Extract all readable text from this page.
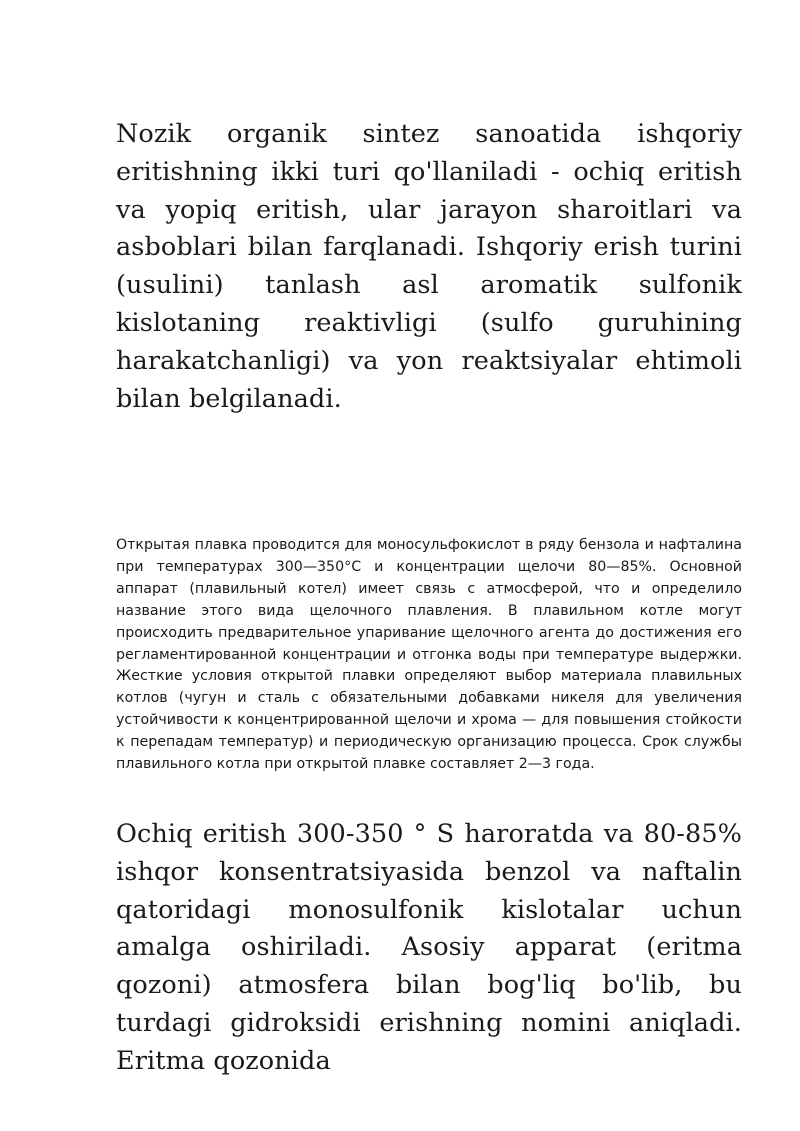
Nozik organik sintez sanoatida ishqoriy eritishning ikki turi qo'llaniladi - ochiq eritish va yopiq eritish, ular jarayon sharoitlari va asboblari bilan farqlanadi. Ishqoriy erish turini (usulini) tanlash asl aromatik sulfonik kislotaning reaktivligi (sulfo guruhining harakatchanligi) va yon reaktsiyalar ehtimoli bilan belgilanadi.

Открытая плавка проводится для моносульфокислот в ряду бензола и нафталина при температурах 300—350°С и концентрации щелочи 80—85%. Основной аппарат (плавильный котел) имеет связь с атмосферой, что и определило название этого вида щелочного плавления. В плавильном котле могут происходить предварительное упаривание щелочного агента до достижения его регламентированной концентрации и отгонка воды при температуре выдержки. Жесткие условия открытой плавки определяют выбор материала плавильных котлов (чугун и сталь с обязательными добавками никеля для увеличения устойчивости к концентрированной щелочи и хрома — для повышения стойкости к перепадам температур) и периодическую организацию процесса. Срок службы плавильного котла при открытой плавке составляет 2—3 года.

Ochiq eritish 300-350 ° S haroratda va 80-85% ishqor konsentratsiyasida benzol va naftalin qatoridagi monosulfonik kislotalar uchun amalga oshiriladi. Asosiy apparat (eritma qozoni) atmosfera bilan bog'liq bo'lib, bu turdagi gidroksidi erishning nomini aniqladi. Eritma qozonida
